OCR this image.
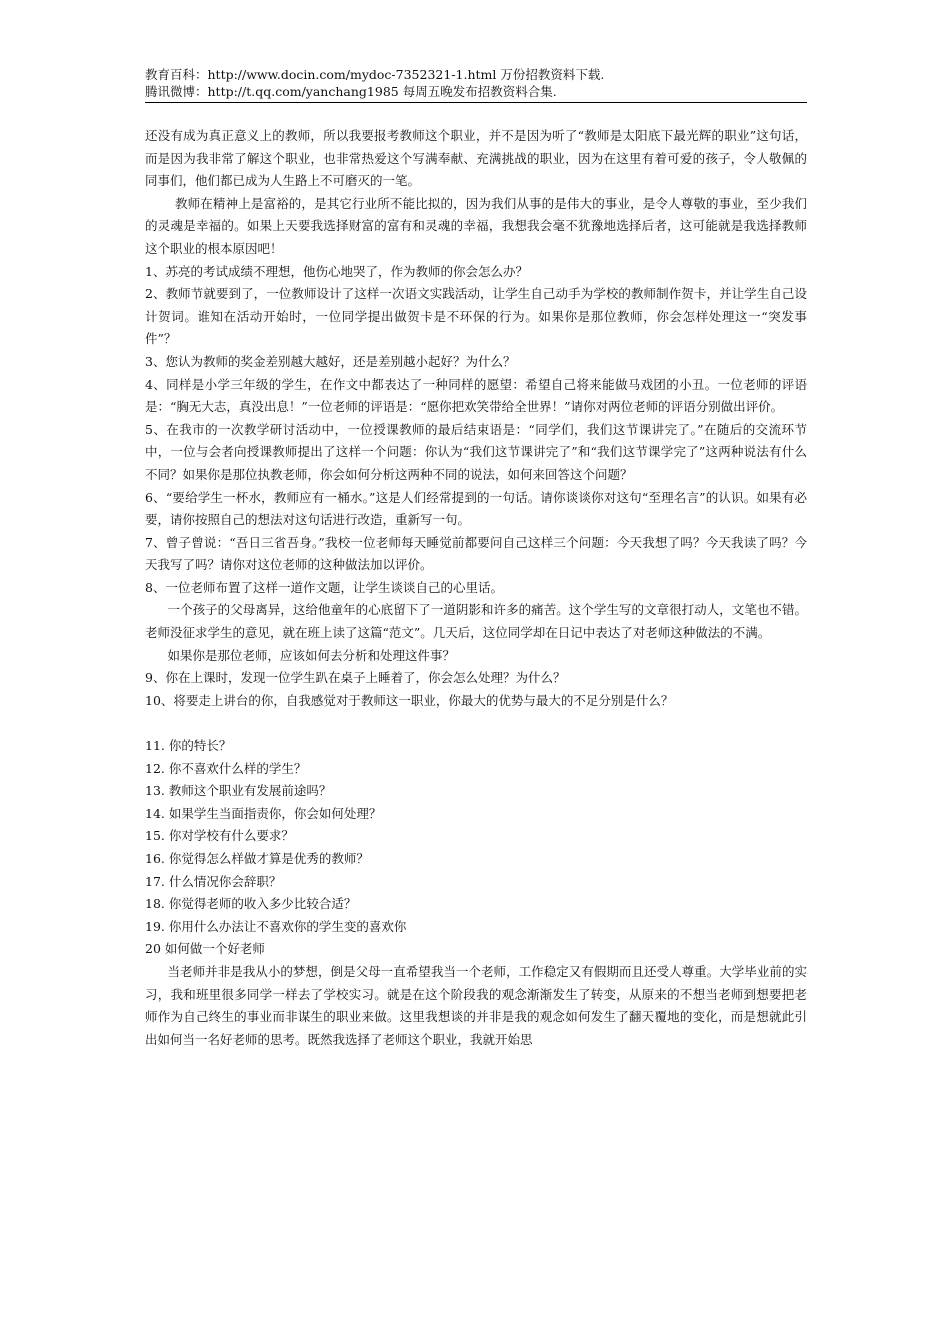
教育百科：http://www.docin.com/mydoc-7352321-1.html 万份招教资料下载.
腾讯微博：http://t.qq.com/yanchang1985 每周五晚发布招教资料合集.

还没有成为真正意义上的教师，所以我要报考教师这个职业，并不是因为听了“教师是太阳底下最光辉的职业”这句话，而是因为我非常了解这个职业，也非常热爱这个写满奉献、充满挑战的职业，因为在这里有着可爱的孩子，令人敬佩的同事们，他们都已成为人生路上不可磨灭的一笔。

教师在精神上是富裕的，是其它行业所不能比拟的，因为我们从事的是伟大的事业，是令人尊敬的事业，至少我们的灵魂是幸福的。如果上天要我选择财富的富有和灵魂的幸福，我想我会毫不犹豫地选择后者，这可能就是我选择教师这个职业的根本原因吧！

1、苏亮的考试成绩不理想，他伤心地哭了，作为教师的你会怎么办？

2、教师节就要到了，一位教师设计了这样一次语文实践活动，让学生自己动手为学校的教师制作贺卡，并让学生自己设计贺词。谁知在活动开始时，一位同学提出做贺卡是不环保的行为。如果你是那位教师，你会怎样处理这一“突发事件”？

3、您认为教师的奖金差别越大越好，还是差别越小起好？为什么？

4、同样是小学三年级的学生，在作文中都表达了一种同样的愿望：希望自己将来能做马戏团的小丑。一位老师的评语是：“胸无大志，真没出息！”一位老师的评语是：“愿你把欢笑带给全世界！”请你对两位老师的评语分别做出评价。

5、在我市的一次教学研讨活动中，一位授课教师的最后结束语是：“同学们，我们这节课讲完了。”在随后的交流环节中，一位与会者向授课教师提出了这样一个问题：你认为“我们这节课讲完了”和“我们这节课学完了”这两种说法有什么不同？如果你是那位执教老师，你会如何分析这两种不同的说法，如何来回答这个问题？

6、“要给学生一杯水，教师应有一桶水。”这是人们经常提到的一句话。请你谈谈你对这句“至理名言”的认识。如果有必要，请你按照自己的想法对这句话进行改造，重新写一句。

7、曾子曾说：“吾日三省吾身。”我校一位老师每天睡觉前都要问自己这样三个问题：今天我想了吗？今天我读了吗？今天我写了吗？请你对这位老师的这种做法加以评价。

8、一位老师布置了这样一道作文题，让学生谈谈自己的心里话。

一个孩子的父母离异，这给他童年的心底留下了一道阴影和许多的痛苦。这个学生写的文章很打动人，文笔也不错。老师没征求学生的意见，就在班上读了这篇“范文”。几天后，这位同学却在日记中表达了对老师这种做法的不满。

如果你是那位老师，应该如何去分析和处理这件事？

9、你在上课时，发现一位学生趴在桌子上睡着了，你会怎么处理？为什么？

10、将要走上讲台的你，自我感觉对于教师这一职业，你最大的优势与最大的不足分别是什么？

11. 你的特长？

12. 你不喜欢什么样的学生？

13. 教师这个职业有发展前途吗？

14. 如果学生当面指责你，你会如何处理？

15. 你对学校有什么要求？

16. 你觉得怎么样做才算是优秀的教师？

17. 什么情况你会辞职？

18. 你觉得老师的收入多少比较合适？

19. 你用什么办法让不喜欢你的学生变的喜欢你

20 如何做一个好老师

当老师并非是我从小的梦想，倒是父母一直希望我当一个老师，工作稳定又有假期而且还受人尊重。大学毕业前的实习，我和班里很多同学一样去了学校实习。就是在这个阶段我的观念渐渐发生了转变，从原来的不想当老师到想要把老师作为自己终生的事业而非谋生的职业来做。这里我想谈的并非是我的观念如何发生了翻天覆地的变化，而是想就此引出如何当一名好老师的思考。既然我选择了老师这个职业，我就开始思
